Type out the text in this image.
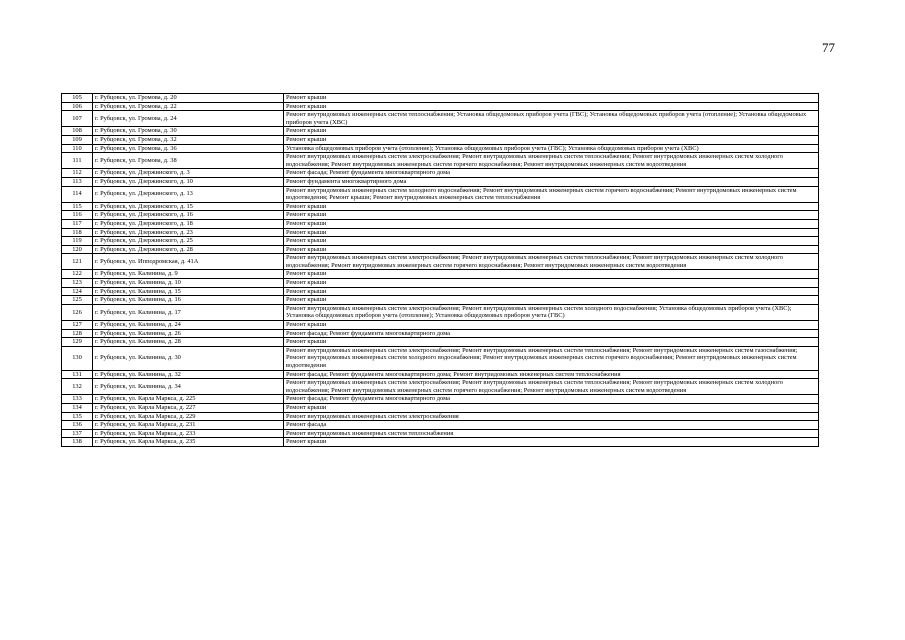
77
105	г. Рубцовск, ул. Громова, д. 20	Ремонт крыши
106	г. Рубцовск, ул. Громова, д. 22	Ремонт крыши
107	г. Рубцовск, ул. Громова, д. 24	Ремонт внутридомовых инженерных систем теплоснабжения; Установка общедомовых приборов учета (ГВС); Установка общедомовых приборов учета (отопление); Установка общедомовых приборов учета (ХВС)
108	г. Рубцовск, ул. Громова, д. 30	Ремонт крыши
109	г. Рубцовск, ул. Громова, д. 32	Ремонт крыши
110	г. Рубцовск, ул. Громова, д. 36	Установка общедомовых приборов учета (отопление); Установка общедомовых приборов учета (ГВС); Установка общедомовых приборов учета (ХВС)
111	г. Рубцовск, ул. Громова, д. 38	Ремонт внутридомовых инженерных систем электроснабжения; Ремонт внутридомовых инженерных систем теплоснабжения; Ремонт внутридомовых инженерных систем холодного водоснабжения; Ремонт внутридомовых инженерных систем горячего водоснабжения; Ремонт внутридомовых инженерных систем водоотведения
112	г. Рубцовск, ул. Дзержинского, д. 3	Ремонт фасада; Ремонт фундамента многоквартирного дома
113	г. Рубцовск, ул. Дзержинского, д. 10	Ремонт фундамента многоквартирного дома
114	г. Рубцовск, ул. Дзержинского, д. 13	Ремонт внутридомовых инженерных систем холодного водоснабжения; Ремонт внутридомовых инженерных систем горячего водоснабжения; Ремонт внутридомовых инженерных систем водоотведения; Ремонт крыши; Ремонт внутридомовых инженерных систем теплоснабжения
115	г. Рубцовск, ул. Дзержинского, д. 15	Ремонт крыши
116	г. Рубцовск, ул. Дзержинского, д. 16	Ремонт крыши
117	г. Рубцовск, ул. Дзержинского, д. 18	Ремонт крыши
118	г. Рубцовск, ул. Дзержинского, д. 23	Ремонт крыши
119	г. Рубцовск, ул. Дзержинского, д. 25	Ремонт крыши
120	г. Рубцовск, ул. Дзержинского, д. 28	Ремонт крыши
121	г. Рубцовск, ул. Ипподромская, д. 41А	Ремонт внутридомовых инженерных систем электроснабжения; Ремонт внутридомовых инженерных систем теплоснабжения; Ремонт внутридомовых инженерных систем холодного водоснабжения; Ремонт внутридомовых инженерных систем горячего водоснабжения; Ремонт внутридомовых инженерных систем водоотведения
122	г. Рубцовск, ул. Калинина, д. 9	Ремонт крыши
123	г. Рубцовск, ул. Калинина, д. 10	Ремонт крыши
124	г. Рубцовск, ул. Калинина, д. 15	Ремонт крыши
125	г. Рубцовск, ул. Калинина, д. 16	Ремонт крыши
126	г. Рубцовск, ул. Калинина, д. 17	Ремонт внутридомовых инженерных систем электроснабжения; Ремонт внутридомовых инженерных систем холодного водоснабжения; Установка общедомовых приборов учета (ХВС); Установка общедомовых приборов учета (отопление); Установка общедомовых приборов учета (ГВС)
127	г. Рубцовск, ул. Калинина, д. 24	Ремонт крыши
128	г. Рубцовск, ул. Калинина, д. 26	Ремонт фасада; Ремонт фундамента многоквартирного дома
129	г. Рубцовск, ул. Калинина, д. 28	Ремонт крыши
130	г. Рубцовск, ул. Калинина, д. 30	Ремонт внутридомовых инженерных систем электроснабжения; Ремонт внутридомовых инженерных систем теплоснабжения; Ремонт внутридомовых инженерных систем газоснабжения; Ремонт внутридомовых инженерных систем холодного водоснабжения; Ремонт внутридомовых инженерных систем горячего водоснабжения; Ремонт внутридомовых инженерных систем водоотведения
131	г. Рубцовск, ул. Калинина, д. 32	Ремонт фасада; Ремонт фундамента многоквартирного дома; Ремонт внутридомовых инженерных систем теплоснабжения
132	г. Рубцовск, ул. Калинина, д. 34	Ремонт внутридомовых инженерных систем электроснабжения; Ремонт внутридомовых инженерных систем теплоснабжения; Ремонт внутридомовых инженерных систем холодного водоснабжения; Ремонт внутридомовых инженерных систем горячего водоснабжения; Ремонт внутридомовых инженерных систем водоотведения
133	г. Рубцовск, ул. Карла Маркса, д. 225	Ремонт фасада; Ремонт фундамента многоквартирного дома
134	г. Рубцовск, ул. Карла Маркса, д. 227	Ремонт крыши
135	г. Рубцовск, ул. Карла Маркса, д. 229	Ремонт внутридомовых инженерных систем электроснабжения
136	г. Рубцовск, ул. Карла Маркса, д. 231	Ремонт фасада
137	г. Рубцовск, ул. Карла Маркса, д. 233	Ремонт внутридомовых инженерных систем теплоснабжения
138	г. Рубцовск, ул. Карла Маркса, д. 235	Ремонт крыши
